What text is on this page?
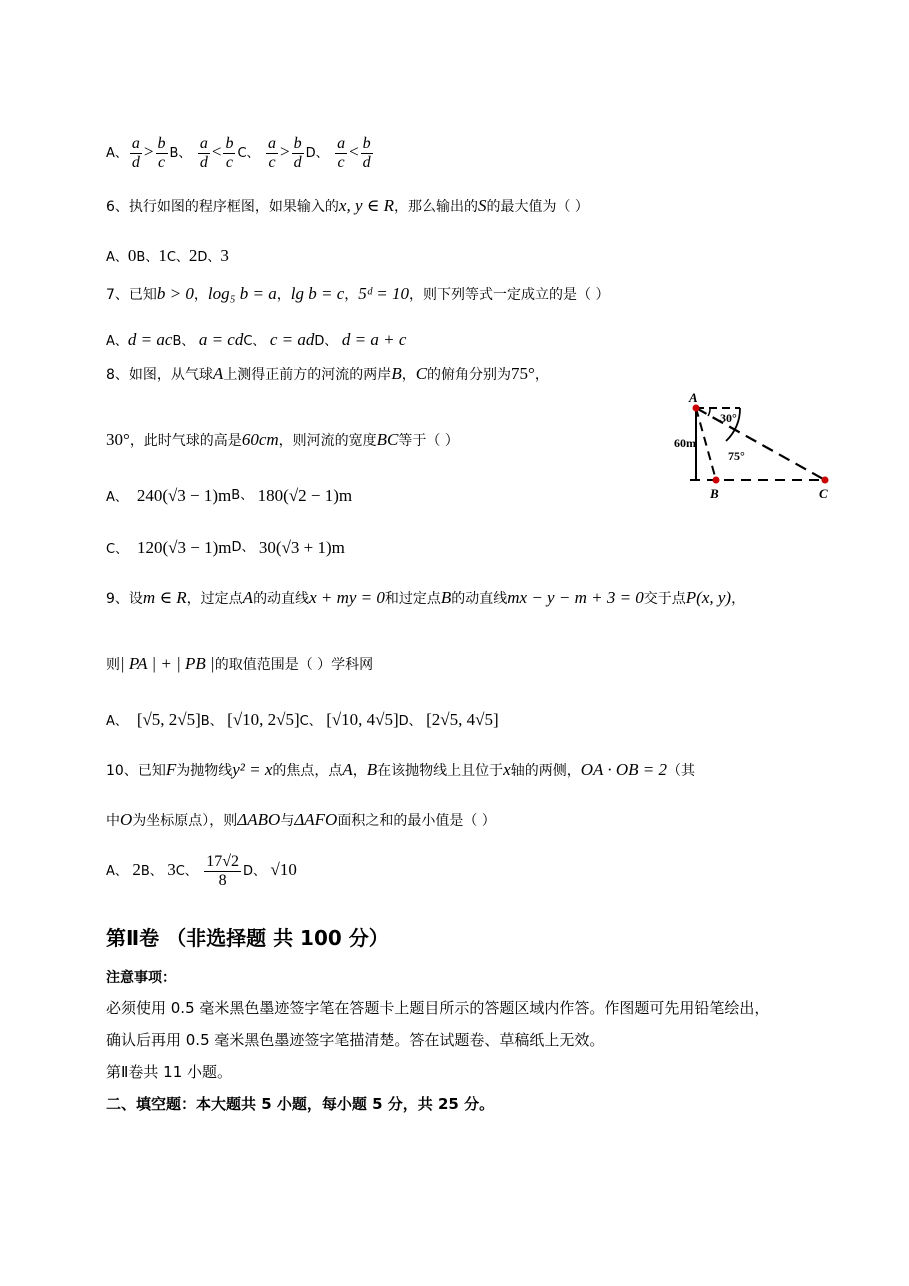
A、 $\frac{a}{d} > \frac{b}{c}$ B、 $\frac{a}{d} < \frac{b}{c}$ C、 $\frac{a}{c} > \frac{b}{d}$ D、 $\frac{a}{c} < \frac{b}{d}$
6、执行如图的程序框图，如果输入的x, y ∈ R，那么输出的S的最大值为（ ）
A、0B、1C、2D、3
7、已知b > 0，log₅ b = a，lg b = c，5ᵈ = 10，则下列等式一定成立的是（ ）
A、d = acB、 a = cdC、 c = adD、 d = a + c
8、如图，从气球A上测得正前方的河流的两岸B，C的俯角分别为75°，
30°，此时气球的高是60cm，则河流的宽度BC等于（ ）
A、 240(√3 − 1)mB、 180(√2 − 1)m
C、 120(√3 − 1)mD、 30(√3 + 1)m
A
B	C
60m
30°
75°
9、设m ∈ R，过定点A的动直线x + my = 0和过定点B的动直线mx − y − m + 3 = 0交于点P(x, y)，
则| PA | + | PB |的取值范围是（ ）学科网
A、 [√5, 2√5]B、 [√10, 2√5]C、 [√10, 4√5]D、 [2√5, 4√5]
10、已知F为抛物线y² = x的焦点，点A，B在该抛物线上且位于x轴的两侧，OA · OB = 2（其
中O为坐标原点），则ΔABO与ΔAFO面积之和的最小值是（ ）
A、 2B、 3C、 $\frac{17√2}{8}$ D、 √10
第Ⅱ卷 （非选择题 共 100 分）
注意事项：
必须使用 0.5 毫米黑色墨迹签字笔在答题卡上题目所示的答题区域内作答。作图题可先用铅笔绘出，
确认后再用 0.5 毫米黑色墨迹签字笔描清楚。答在试题卷、草稿纸上无效。
第Ⅱ卷共 11 小题。
二、填空题：本大题共 5 小题，每小题 5 分，共 25 分。
